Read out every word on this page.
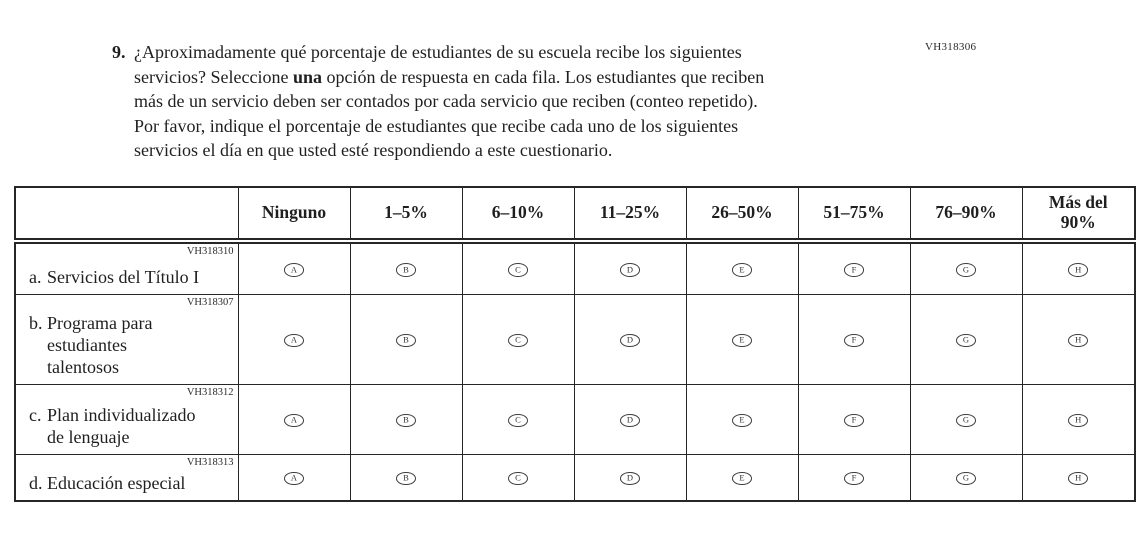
VH318306
9. ¿Aproximadamente qué porcentaje de estudiantes de su escuela recibe los siguientes
servicios? Seleccione una opción de respuesta en cada fila. Los estudiantes que reciben
más de un servicio deben ser contados por cada servicio que reciben (conteo repetido).
Por favor, indique el porcentaje de estudiantes que recibe cada uno de los siguientes
servicios el día en que usted esté respondiendo a este cuestionario.
	Ninguno	1–5%	6–10%	11–25%	26–50%	51–75%	76–90%	Más del
90%

VH318310
a. Servicios del Título I	A	B	C	D	E	F	G	H

VH318307
b. Programa para
estudiantes
talentosos	A	B	C	D	E	F	G	H

VH318312
c. Plan individualizado
de lenguaje	A	B	C	D	E	F	G	H

VH318313
d. Educación especial	A	B	C	D	E	F	G	H
